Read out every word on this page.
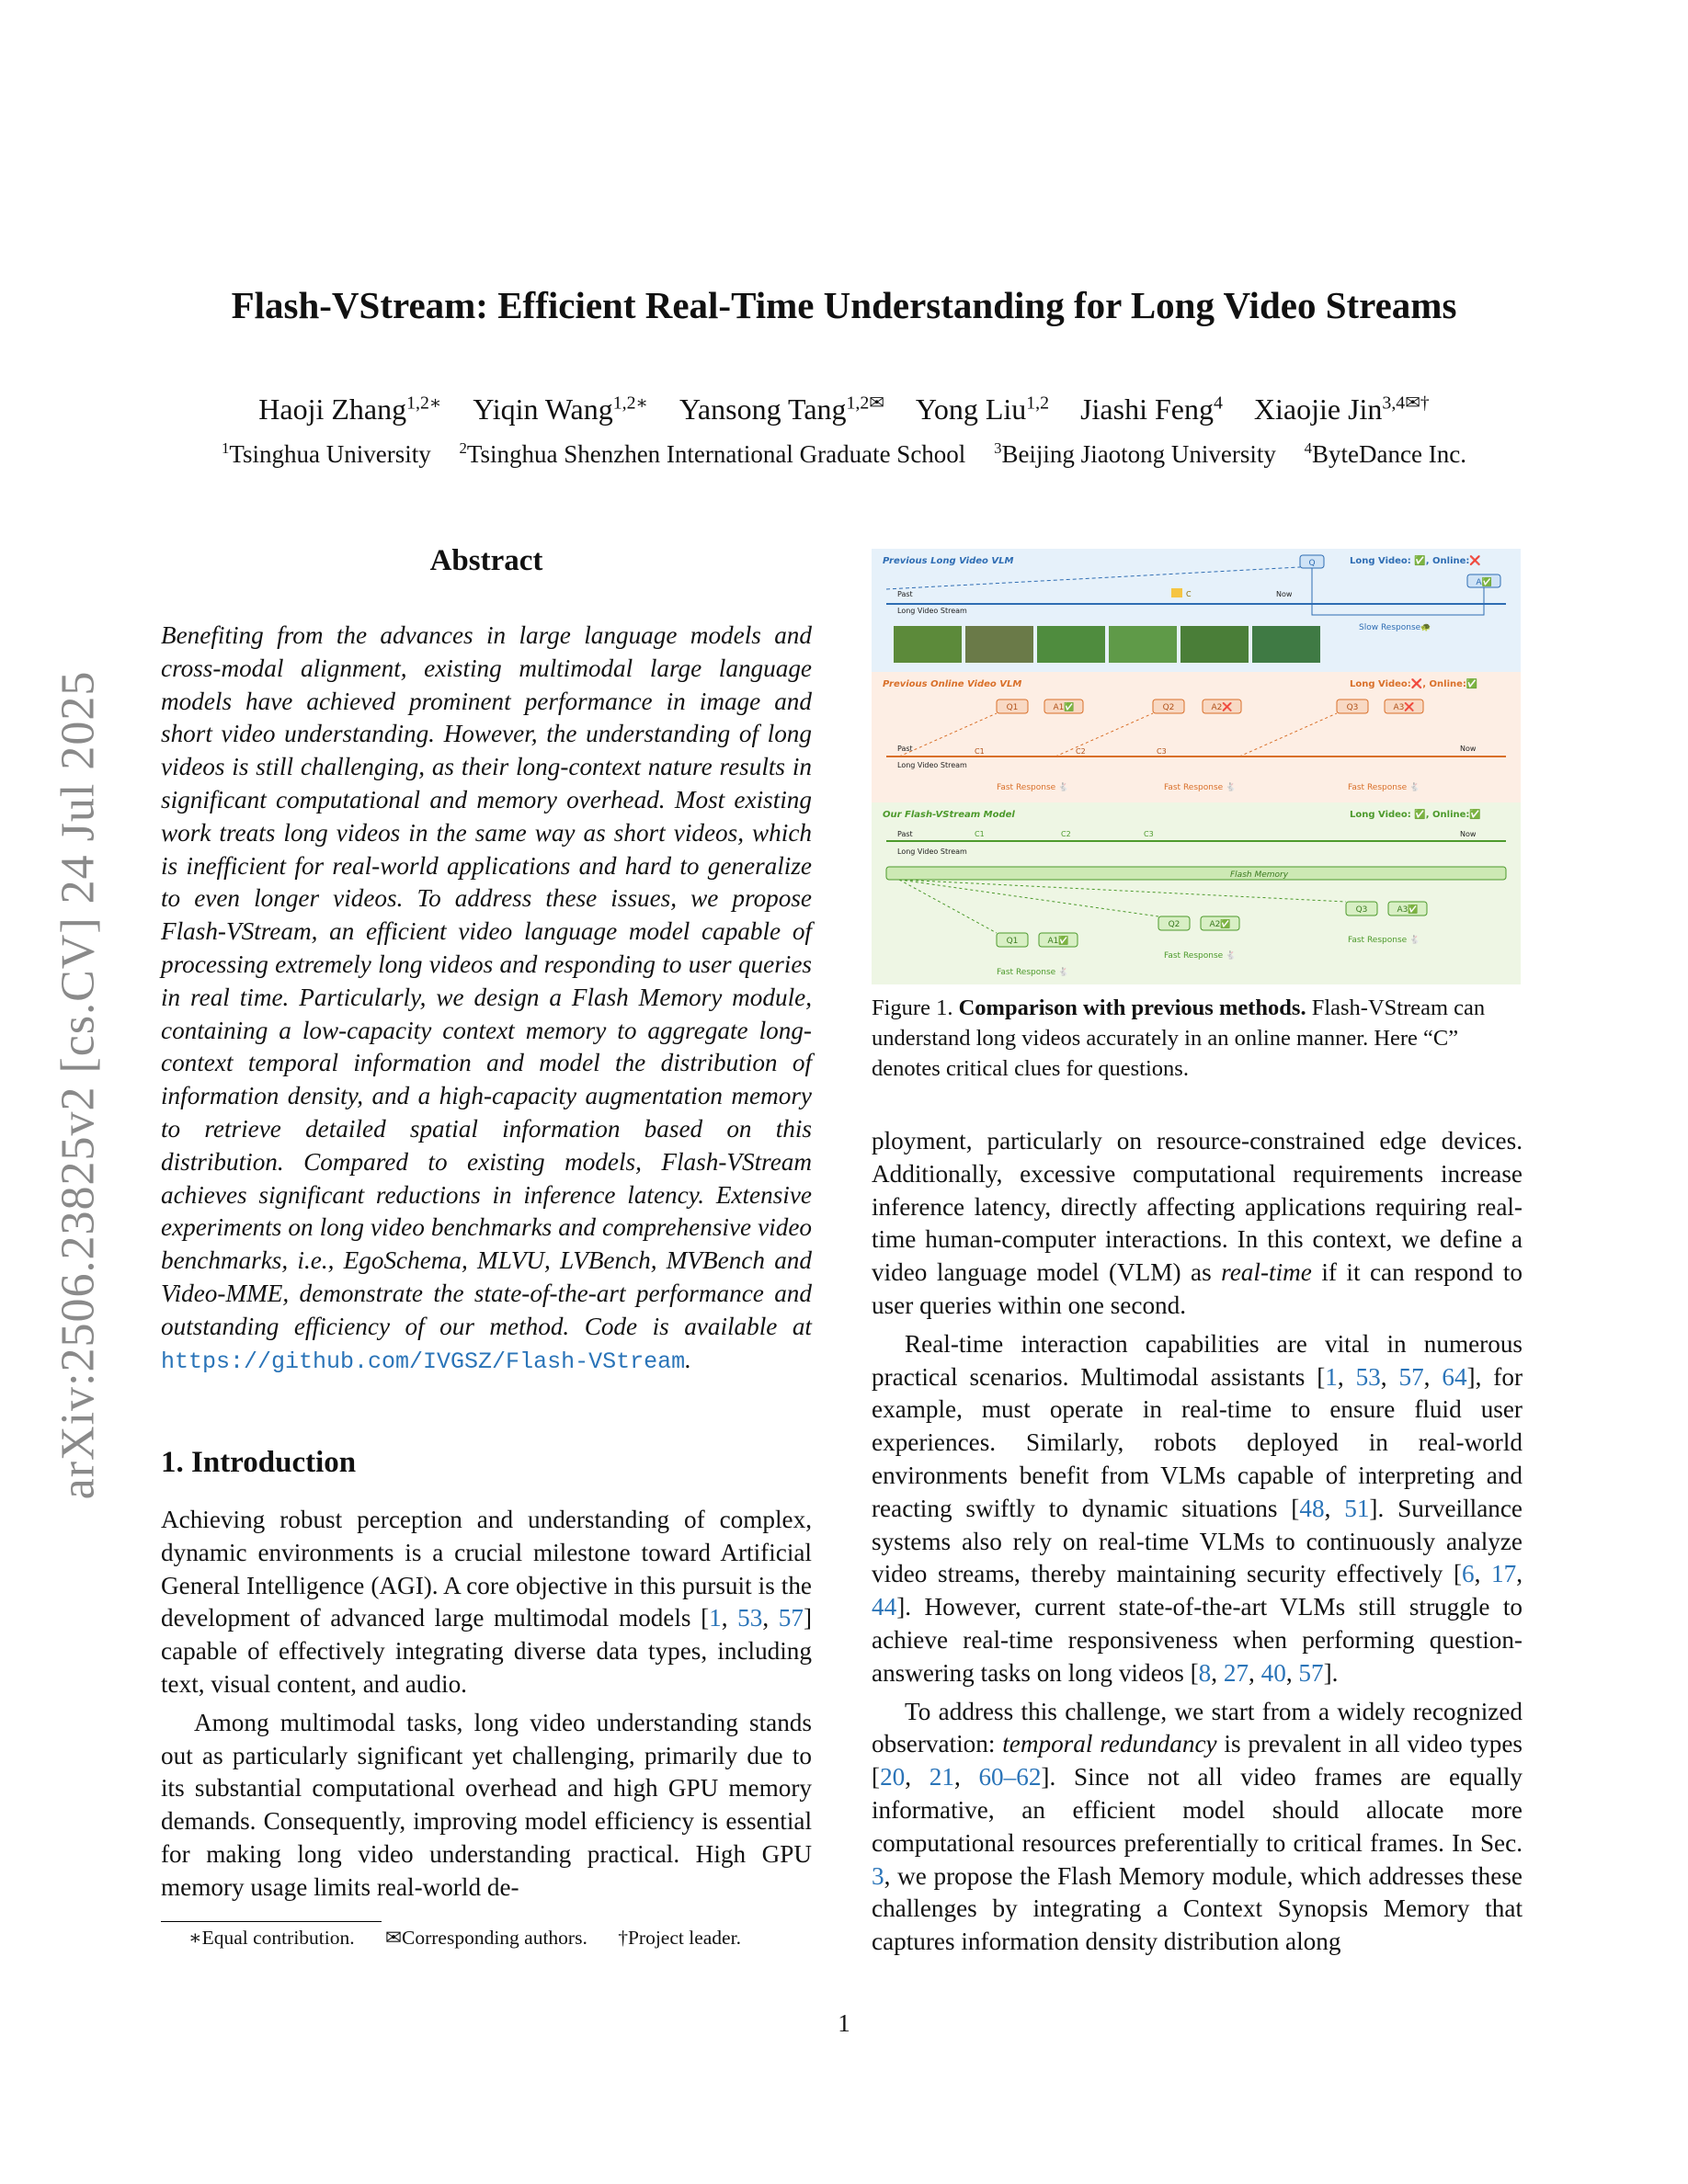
arXiv:2506.23825v2 [cs.CV] 24 Jul 2025
Flash-VStream: Efficient Real-Time Understanding for Long Video Streams
Haoji Zhang$^{1,2∗}$ Yiqin Wang$^{1,2∗}$ Yansong Tang$^{1,2✉}$ Yong Liu$^{1,2}$ Jiashi Feng$^4$ Xiaojie Jin$^{3,4✉\dagger}$
$^1$Tsinghua University $^2$Tsinghua Shenzhen International Graduate School $^3$Beijing Jiaotong University $^4$ByteDance Inc.
Abstract
Benefiting from the advances in large language models and cross-modal alignment, existing multimodal large language models have achieved prominent performance in image and short video understanding. However, the understanding of long videos is still challenging, as their long-context nature results in significant computational and memory overhead. Most existing work treats long videos in the same way as short videos, which is inefficient for real-world applications and hard to generalize to even longer videos. To address these issues, we propose Flash-VStream, an efficient video language model capable of processing extremely long videos and responding to user queries in real time. Particularly, we design a Flash Memory module, containing a low-capacity context memory to aggregate long-context temporal information and model the distribution of information density, and a high-capacity augmentation memory to retrieve detailed spatial information based on this distribution. Compared to existing models, Flash-VStream achieves significant reductions in inference latency. Extensive experiments on long video benchmarks and comprehensive video benchmarks, i.e., EgoSchema, MLVU, LVBench, MVBench and Video-MME, demonstrate the state-of-the-art performance and outstanding efficiency of our method. Code is available at https://github.com/IVGSZ/Flash-VStream.
1. Introduction

Achieving robust perception and understanding of complex, dynamic environments is a crucial milestone toward Artificial General Intelligence (AGI). A core objective in this pursuit is the development of advanced large multimodal models [1, 53, 57] capable of effectively integrating diverse data types, including text, visual content, and audio.

Among multimodal tasks, long video understanding stands out as particularly significant yet challenging, primarily due to its substantial computational overhead and high GPU memory demands. Consequently, improving model efficiency is essential for making long video understanding practical. High GPU memory usage limits real-world de-

∗Equal contribution. ✉Corresponding authors. †Project leader.
Previous Long Video VLM	Long Video: ✅, Online:❌
Q
A✅
Past	Now
C
Long Video Stream
Slow Response🐢
Previous Online Video VLM	Long Video:❌, Online:✅
Q1	A1✅	Q2	A2❌	Q3	A3❌
Past	Now
Long Video Stream
C1	C2	C3
Fast Response 🐇	Fast Response 🐇	Fast Response 🐇
Our Flash-VStream Model	Long Video: ✅, Online:✅
Past	Now
C1	C2	C3
Long Video Stream
Flash Memory
Q1	A1✅
Fast Response 🐇
Q2	A2✅
Fast Response 🐇
Q3	A3✅
Fast Response 🐇
Figure 1. Comparison with previous methods. Flash-VStream can understand long videos accurately in an online manner. Here “C” denotes critical clues for questions.

ployment, particularly on resource-constrained edge devices. Additionally, excessive computational requirements increase inference latency, directly affecting applications requiring real-time human-computer interactions. In this context, we define a video language model (VLM) as real-time if it can respond to user queries within one second.

Real-time interaction capabilities are vital in numerous practical scenarios. Multimodal assistants [1, 53, 57, 64], for example, must operate in real-time to ensure fluid user experiences. Similarly, robots deployed in real-world environments benefit from VLMs capable of interpreting and reacting swiftly to dynamic situations [48, 51]. Surveillance systems also rely on real-time VLMs to continuously analyze video streams, thereby maintaining security effectively [6, 17, 44]. However, current state-of-the-art VLMs still struggle to achieve real-time responsiveness when performing question-answering tasks on long videos [8, 27, 40, 57].

To address this challenge, we start from a widely recognized observation: temporal redundancy is prevalent in all video types [20, 21, 60–62]. Since not all video frames are equally informative, an efficient model should allocate more computational resources preferentially to critical frames. In Sec. 3, we propose the Flash Memory module, which addresses these challenges by integrating a Context Synopsis Memory that captures information density distribution along

1
